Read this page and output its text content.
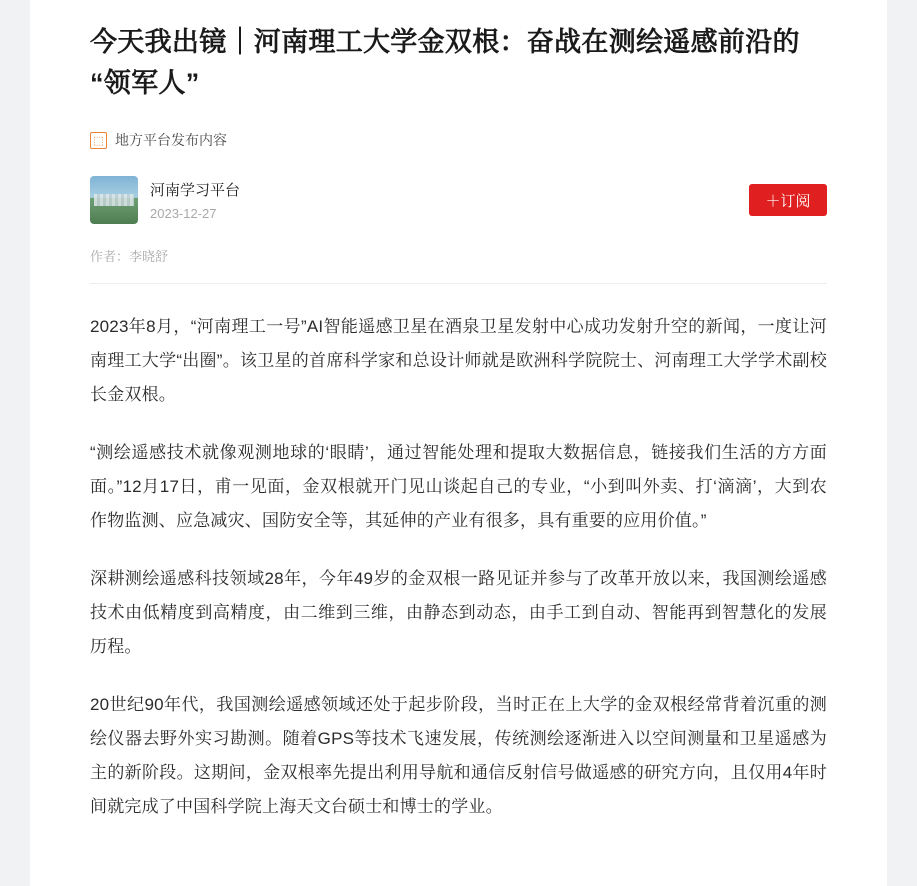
今天我出镜｜河南理工大学金双根：奋战在测绘遥感前沿的“领军人”
⬚ 地方平台发布内容
河南学习平台
2023-12-27
＋订阅
作者：李晓舒

2023年8月，“河南理工一号”AI智能遥感卫星在酒泉卫星发射中心成功发射升空的新闻，一度让河南理工大学“出圈”。该卫星的首席科学家和总设计师就是欧洲科学院院士、河南理工大学学术副校长金双根。

“测绘遥感技术就像观测地球的‘眼睛’，通过智能处理和提取大数据信息，链接我们生活的方方面面。”12月17日，甫一见面，金双根就开门见山谈起自己的专业，“小到叫外卖、打‘滴滴’，大到农作物监测、应急减灾、国防安全等，其延伸的产业有很多，具有重要的应用价值。”

深耕测绘遥感科技领域28年，今年49岁的金双根一路见证并参与了改革开放以来，我国测绘遥感技术由低精度到高精度，由二维到三维，由静态到动态，由手工到自动、智能再到智慧化的发展历程。

20世纪90年代，我国测绘遥感领域还处于起步阶段，当时正在上大学的金双根经常背着沉重的测绘仪器去野外实习勘测。随着GPS等技术飞速发展，传统测绘逐渐进入以空间测量和卫星遥感为主的新阶段。这期间，金双根率先提出利用导航和通信反射信号做遥感的研究方向，且仅用4年时间就完成了中国科学院上海天文台硕士和博士的学业。
